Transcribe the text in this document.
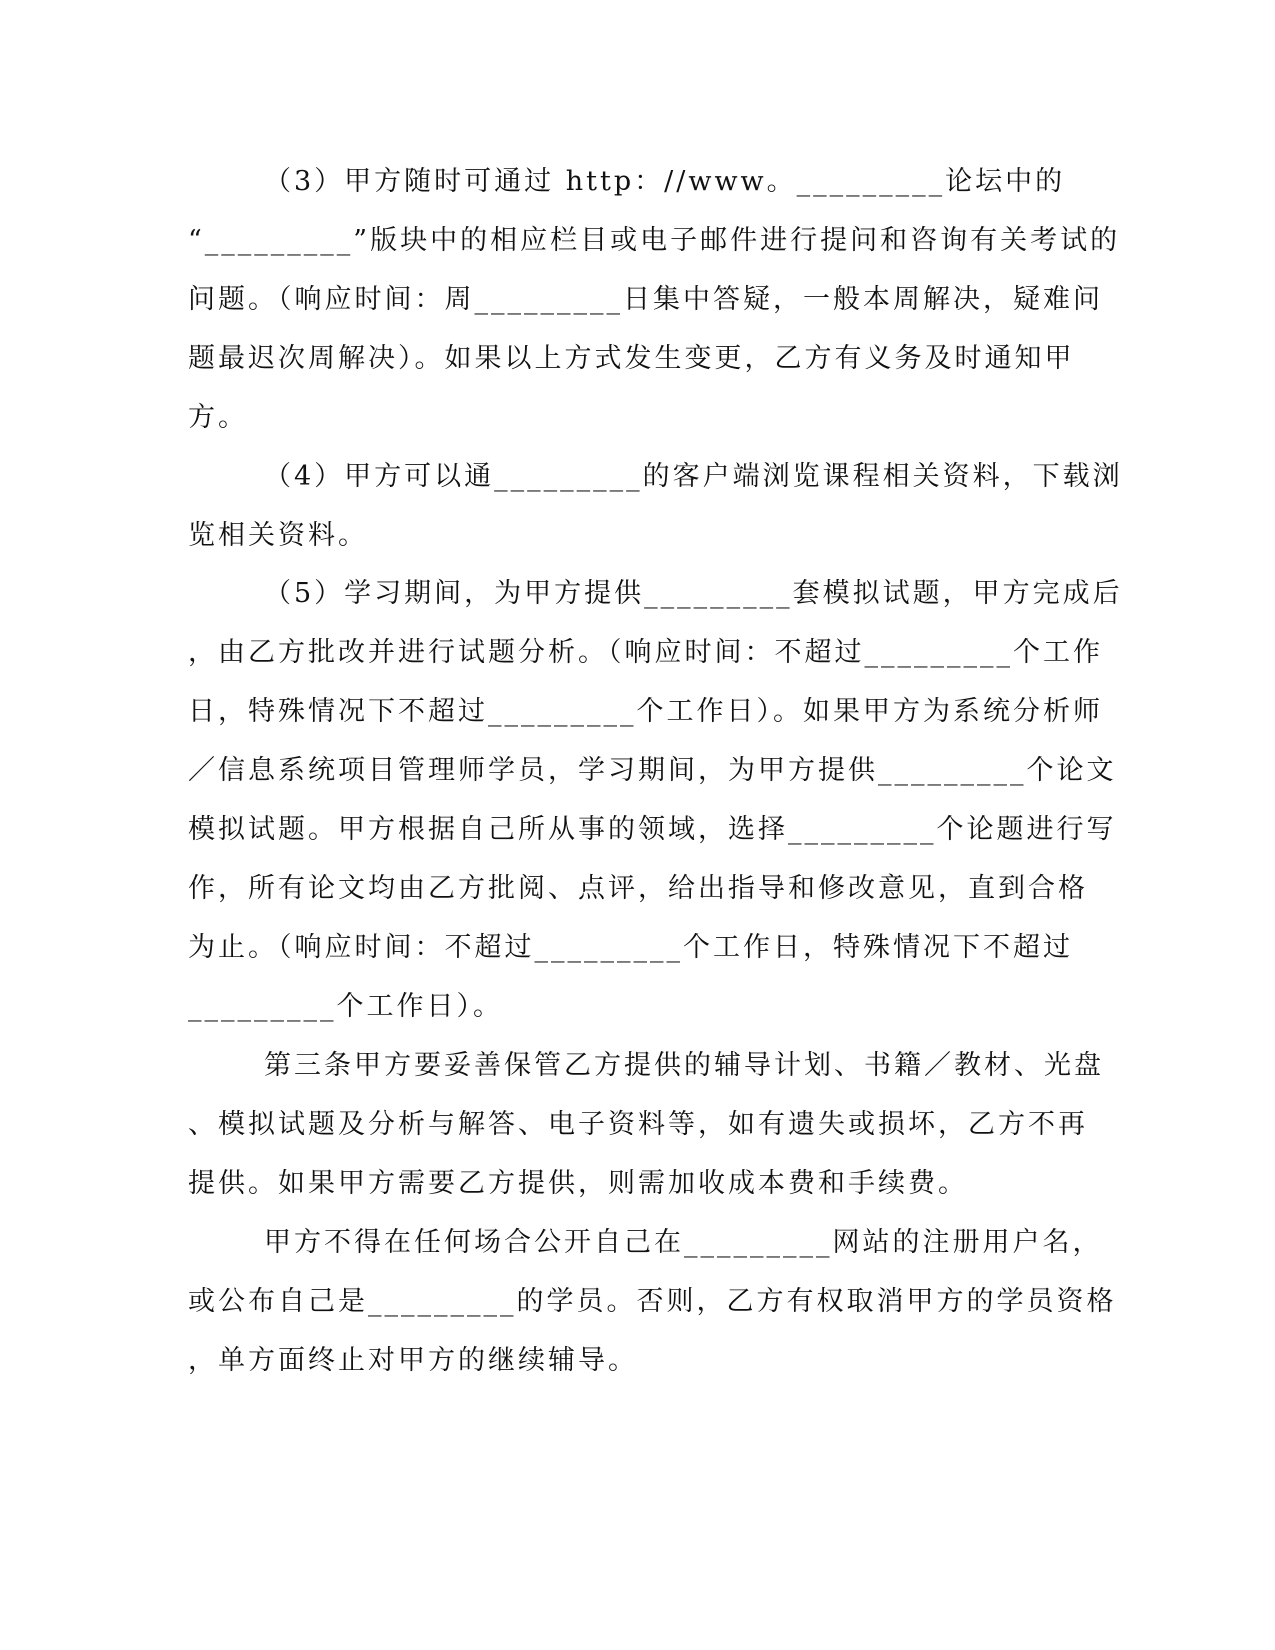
（3）甲方随时可通过 http：//www。_________论坛中的
“_________”版块中的相应栏目或电子邮件进行提问和咨询有关考试的
问题。（响应时间：周_________日集中答疑，一般本周解决，疑难问
题最迟次周解决）。如果以上方式发生变更，乙方有义务及时通知甲
方。
（4）甲方可以通_________的客户端浏览课程相关资料，下载浏
览相关资料。
（5）学习期间，为甲方提供_________套模拟试题，甲方完成后
，由乙方批改并进行试题分析。（响应时间：不超过_________个工作
日，特殊情况下不超过_________个工作日）。如果甲方为系统分析师
／信息系统项目管理师学员，学习期间，为甲方提供_________个论文
模拟试题。甲方根据自己所从事的领域，选择_________个论题进行写
作，所有论文均由乙方批阅、点评，给出指导和修改意见，直到合格
为止。（响应时间：不超过_________个工作日，特殊情况下不超过
_________个工作日）。
第三条甲方要妥善保管乙方提供的辅导计划、书籍／教材、光盘
、模拟试题及分析与解答、电子资料等，如有遗失或损坏，乙方不再
提供。如果甲方需要乙方提供，则需加收成本费和手续费。
甲方不得在任何场合公开自己在_________网站的注册用户名，
或公布自己是_________的学员。否则，乙方有权取消甲方的学员资格
，单方面终止对甲方的继续辅导。
